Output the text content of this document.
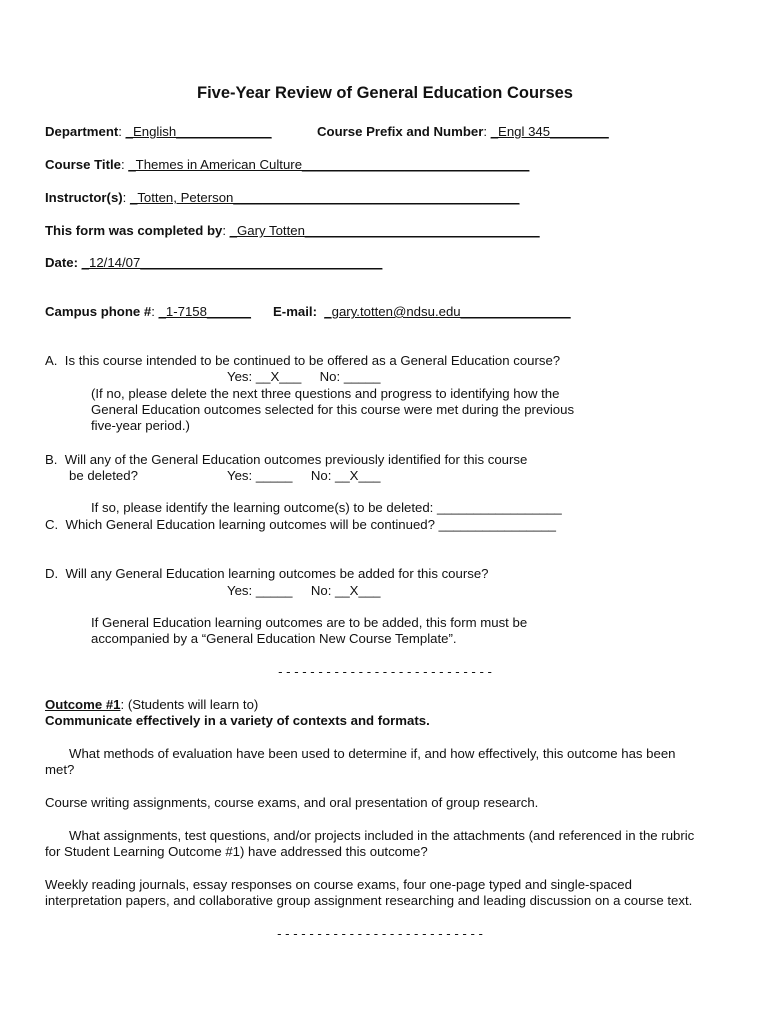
Five-Year Review of General Education Courses
Department: _English_____________	Course Prefix and Number: _Engl 345________
Course Title: _Themes in American Culture_______________________________
Instructor(s): _Totten, Peterson_______________________________________
This form was completed by: _Gary Totten________________________________
Date: _12/14/07_________________________________
Campus phone #: _1-7158______ E-mail: _gary.totten@ndsu.edu_______________
A.  Is this course intended to be continued to be offered as a General Education course?
Yes: __X___     No: _____
(If no, please delete the next three questions and progress to identifying how the
General Education outcomes selected for this course were met during the previous
five-year period.)
B.  Will any of the General Education outcomes previously identified for this course
be deleted?	Yes: _____     No: __X___
If so, please identify the learning outcome(s) to be deleted: _________________
C.  Which General Education learning outcomes will be continued? ________________
D.  Will any General Education learning outcomes be added for this course?
Yes: _____     No: __X___
If General Education learning outcomes are to be added, this form must be
accompanied by a “General Education New Course Template”.
- - - - - - - - - - - - - - - - - - - - - - - - - - -
Outcome #1: (Students will learn to)
Communicate effectively in a variety of contexts and formats.
What methods of evaluation have been used to determine if, and how effectively, this outcome has been
met?
Course writing assignments, course exams, and oral presentation of group research.
What assignments, test questions, and/or projects included in the attachments (and referenced in the rubric
for Student Learning Outcome #1) have addressed this outcome?
Weekly reading journals, essay responses on course exams, four one-page typed and single-spaced
interpretation papers, and collaborative group assignment researching and leading discussion on a course text.
- - - - - - - - - - - - - - - - - - - - - - - - - -
